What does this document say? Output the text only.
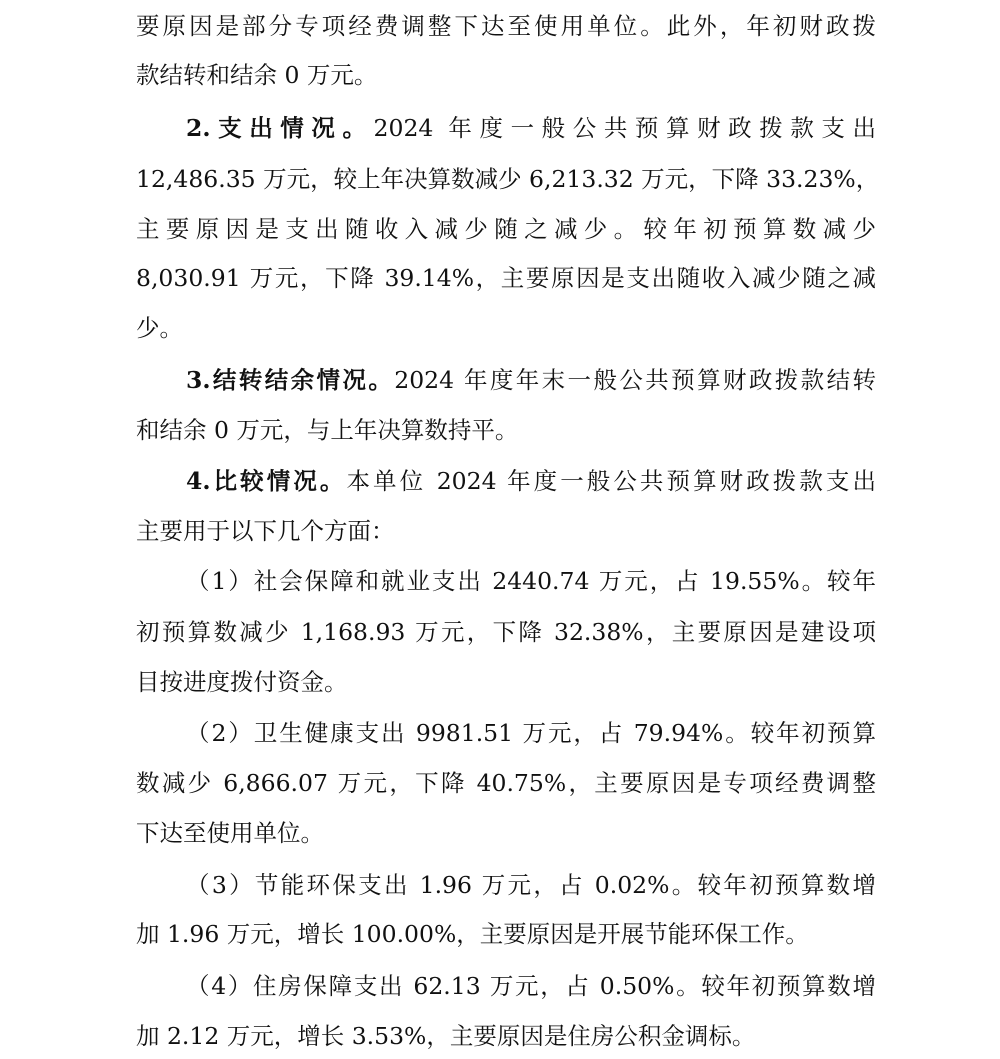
要原因是部分专项经费调整下达至使用单位。此外，年初财政拨

款结转和结余 0 万元。

2.支出情况。2024 年度一般公共预算财政拨款支出

12,486.35 万元，较上年决算数减少 6,213.32 万元，下降 33.23%，

主要原因是支出随收入减少随之减少。较年初预算数减少

8,030.91 万元，下降 39.14%，主要原因是支出随收入减少随之减

少。

3.结转结余情况。2024 年度年末一般公共预算财政拨款结转

和结余 0 万元，与上年决算数持平。

4.比较情况。本单位 2024 年度一般公共预算财政拨款支出

主要用于以下几个方面：

（1）社会保障和就业支出 2440.74 万元，占 19.55%。较年

初预算数减少 1,168.93 万元，下降 32.38%，主要原因是建设项

目按进度拨付资金。

（2）卫生健康支出 9981.51 万元，占 79.94%。较年初预算

数减少 6,866.07 万元，下降 40.75%，主要原因是专项经费调整

下达至使用单位。

（3）节能环保支出 1.96 万元，占 0.02%。较年初预算数增

加 1.96 万元，增长 100.00%，主要原因是开展节能环保工作。

（4）住房保障支出 62.13 万元，占 0.50%。较年初预算数增

加 2.12 万元，增长 3.53%，主要原因是住房公积金调标。
